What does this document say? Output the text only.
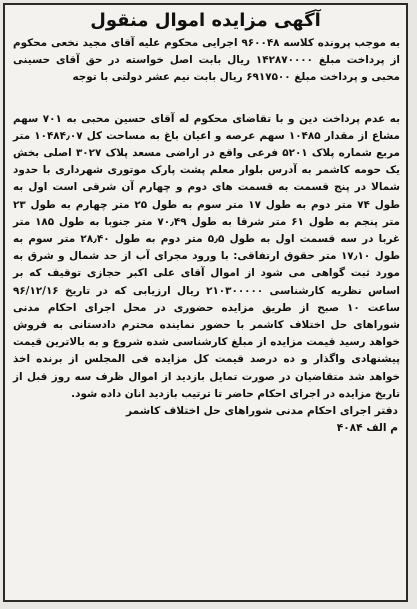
آگهی مزایده اموال منقول

به موجب پرونده کلاسه ۹۶۰۰۴۸ اجرایی محکوم علیه آقای مجید نخعی محکوم از پرداخت مبلغ ۱۴۲۸۷۰۰۰۰ ریال بابت اصل خواسته در حق آقای حسینی محبی و پرداخت مبلغ ۶۹۱۷۵۰۰ ریال بابت نیم عشر دولتی با توجه

به عدم پرداخت دین و با تقاضای محکوم له آقای حسین محبی به ۷۰۱ سهم مشاع از مقدار ۱۰۴۸۵ سهم عرصه و اعیان باغ به مساحت کل ۱۰۴۸۴٫۰۷ متر مربع شماره پلاک ۵۲۰۱ فرعی واقع در اراضی مسعد پلاک ۳۰۲۷ اصلی بخش یک حومه کاشمر به آدرس بلوار معلم پشت پارک موتوری شهرداری با حدود شمالا در پنج قسمت به قسمت های دوم و چهارم آن شرقی است اول به طول ۷۴ متر دوم به طول ۱۷ متر سوم به طول ۲۵ متر چهارم به طول ۲۳ متر پنجم به طول ۶۱ متر شرقا به طول ۷۰٫۴۹ متر جنوبا به طول ۱۸۵ متر غربا در سه قسمت اول به طول ۵٫۵ متر دوم به طول ۲۸٫۴۰ متر سوم به طول ۱۷٫۱۰ متر حقوق ارتفاقی: با ورود مجرای آب از حد شمال و شرق به مورد ثبت گواهی می شود از اموال آقای علی اکبر حجازی توقیف که بر اساس نظریه کارشناسی ۲۱۰۳۰۰۰۰۰ ریال ارزیابی که در تاریخ ۹۶/۱۲/۱۶ ساعت ۱۰ صبح از طریق مزایده حضوری در محل اجرای احکام مدنی شوراهای حل اختلاف کاشمر با حضور نماینده محترم دادستانی به فروش خواهد رسید قیمت مزایده از مبلغ کارشناسی شده شروع و به بالاترین قیمت پیشنهادی واگذار و ده درصد قیمت کل مزایده فی المجلس از برنده اخذ خواهد شد متقاضیان در صورت تمایل بازدید از اموال ظرف سه روز قبل از تاریخ مزایده در اجرای احکام حاضر تا ترتیب بازدید انان داده شود.

دفتر اجرای احکام مدنی شوراهای حل اختلاف کاشمر

م الف ۴۰۸۴
